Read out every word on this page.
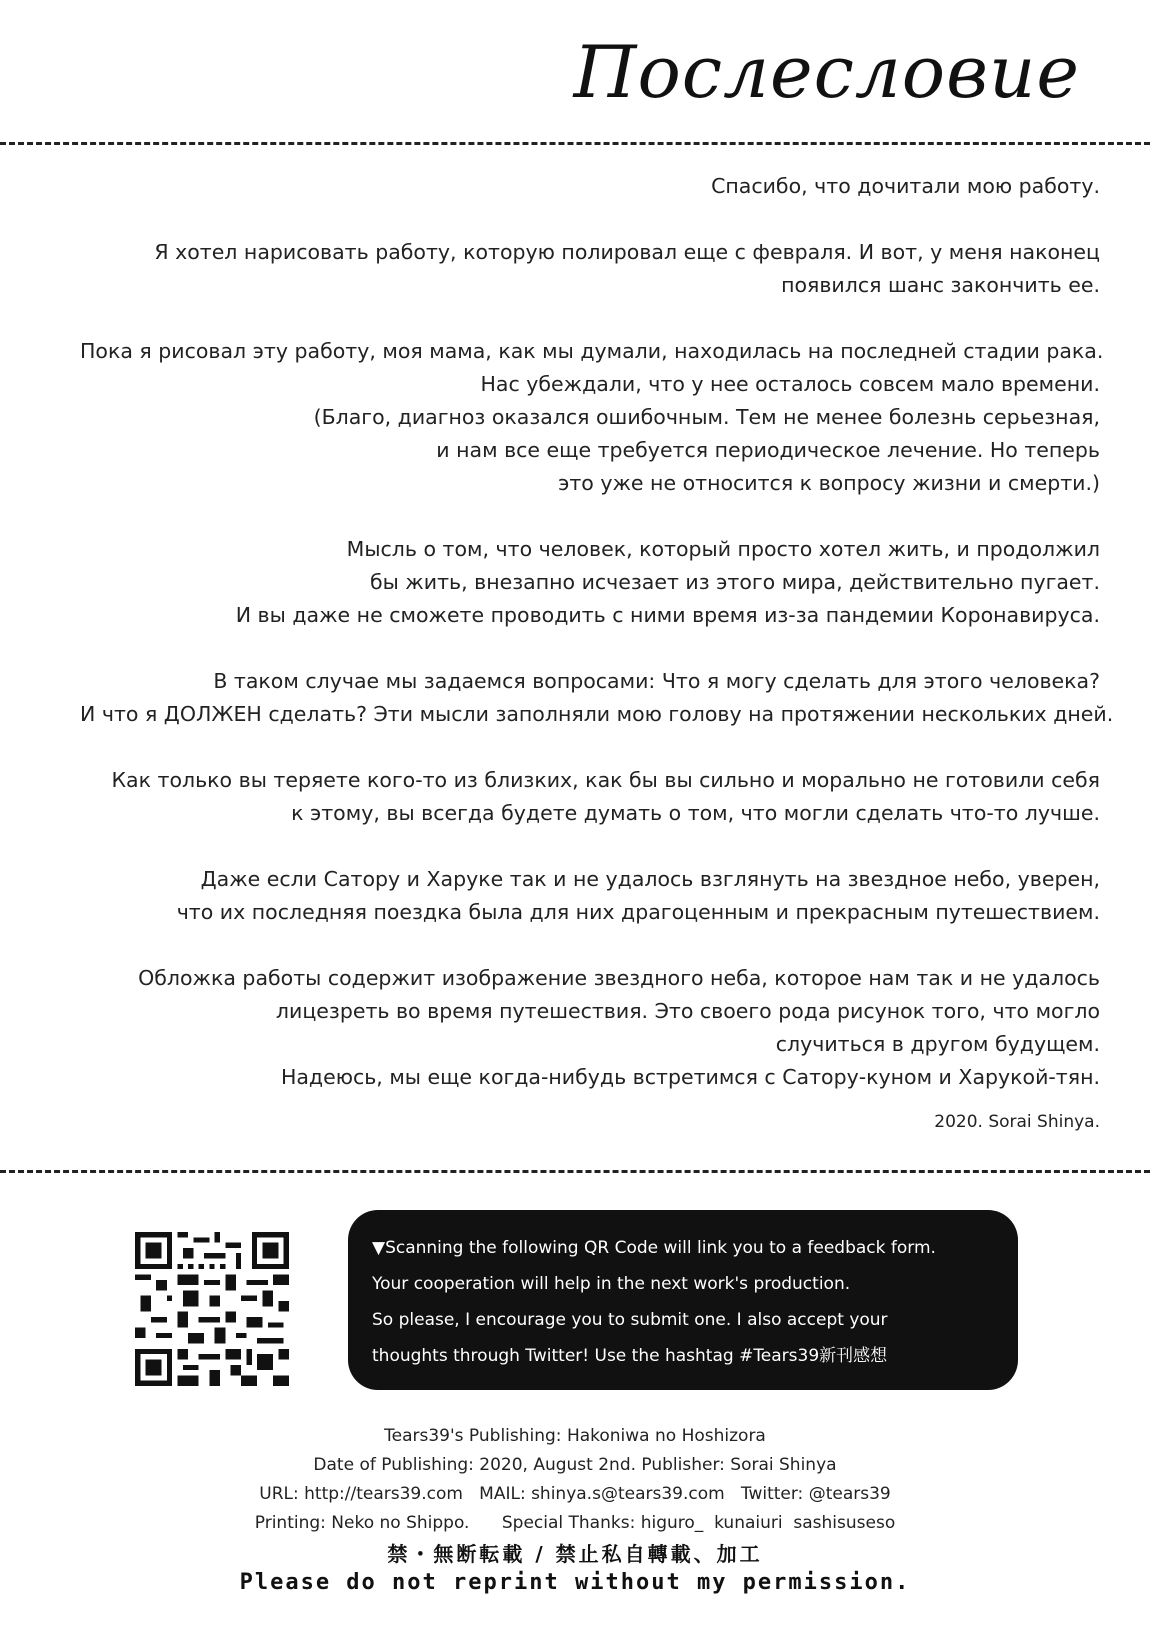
Послесловие
Спасибо, что дочитали мою работу.
Я хотел нарисовать работу, которую полировал еще с февраля. И вот, у меня наконец
появился шанс закончить ее.
Пока я рисовал эту работу, моя мама, как мы думали, находилась на последней стадии рака.
Нас убеждали, что у нее осталось совсем мало времени.
(Благо, диагноз оказался ошибочным. Тем не менее болезнь серьезная,
и нам все еще требуется периодическое лечение. Но теперь
это уже не относится к вопросу жизни и смерти.)
Мысль о том, что человек, который просто хотел жить, и продолжил
бы жить, внезапно исчезает из этого мира, действительно пугает.
И вы даже не сможете проводить с ними время из-за пандемии Коронавируса.
В таком случае мы задаемся вопросами: Что я могу сделать для этого человека?
И что я ДОЛЖЕН сделать? Эти мысли заполняли мою голову на протяжении нескольких дней.
Как только вы теряете кого-то из близких, как бы вы сильно и морально не готовили себя
к этому, вы всегда будете думать о том, что могли сделать что-то лучше.
Даже если Сатору и Харуке так и не удалось взглянуть на звездное небо, уверен,
что их последняя поездка была для них драгоценным и прекрасным путешествием.
Обложка работы содержит изображение звездного неба, которое нам так и не удалось
лицезреть во время путешествия. Это своего рода рисунок того, что могло
случиться в другом будущем.
Надеюсь, мы еще когда-нибудь встретимся с Сатору-куном и Харукой-тян.
2020. Sorai Shinya.
▼Scanning the following QR Code will link you to a feedback form.
Your cooperation will help in the next work's production.
So please, I encourage you to submit one. I also accept your
thoughts through Twitter! Use the hashtag #Tears39新刊感想
Tears39's Publishing: Hakoniwa no Hoshizora
Date of Publishing: 2020, August 2nd. Publisher: Sorai Shinya
URL: http://tears39.com   MAIL: shinya.s@tears39.com   Twitter: @tears39
Printing: Neko no Shippo.      Special Thanks: higuro_  kunaiuri  sashisuseso
禁・無断転載 / 禁止私自轉載、加工
Please do not reprint without my permission.
